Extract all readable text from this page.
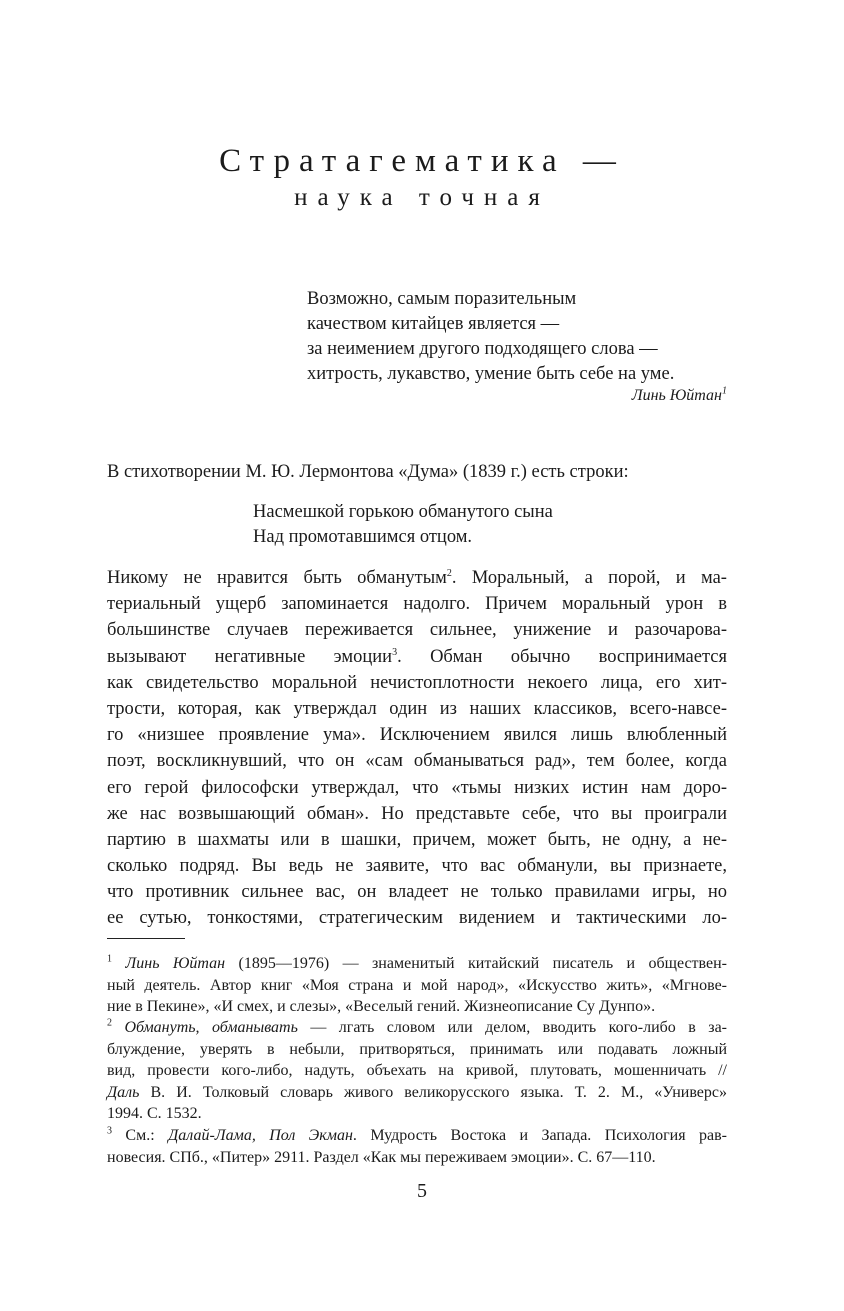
Стратагематика —
наука точная
Возможно, самым поразительным
качеством китайцев является —
за неимением другого подходящего слова —
хитрость, лукавство, умение быть себе на уме.
Линь Юйтан$^1$
В стихотворении М. Ю. Лермонтова «Дума» (1839 г.) есть строки:
Насмешкой горькою обманутого сына
Над промотавшимся отцом.
Никому не нравится быть обманутым$^2$. Моральный, а порой, и ма-
териальный ущерб запоминается надолго. Причем моральный урон в
большинстве случаев переживается сильнее, унижение и разочарова-
вызывают негативные эмоции$^3$. Обман обычно воспринимается
как свидетельство моральной нечистоплотности некоего лица, его хит-
трости, которая, как утверждал один из наших классиков, всего-навсе-
го «низшее проявление ума». Исключением явился лишь влюбленный
поэт, воскликнувший, что он «сам обманываться рад», тем более, когда
его герой философски утверждал, что «тьмы низких истин нам доро-
же нас возвышающий обман». Но представьте себе, что вы проиграли
партию в шахматы или в шашки, причем, может быть, не одну, а не-
сколько подряд. Вы ведь не заявите, что вас обманули, вы признаете,
что противник сильнее вас, он владеет не только правилами игры, но
ее сутью, тонкостями, стратегическим видением и тактическими ло-
$^1$ Линь Юйтан (1895—1976) — знаменитый китайский писатель и обществен-
ный деятель. Автор книг «Моя страна и мой народ», «Искусство жить», «Мгнове-
ние в Пекине», «И смех, и слезы», «Веселый гений. Жизнеописание Су Дунпо».
$^2$ Обмануть, обманывать — лгать словом или делом, вводить кого-либо в за-
блуждение, уверять в небыли, притворяться, принимать или подавать ложный
вид, провести кого-либо, надуть, объехать на кривой, плутовать, мошенничать //
Даль В. И. Толковый словарь живого великорусского языка. Т. 2. М., «Универс»
1994. С. 1532.
$^3$ См.: Далай-Лама, Пол Экман. Мудрость Востока и Запада. Психология рав-
новесия. СПб., «Питер» 2911. Раздел «Как мы переживаем эмоции». С. 67—110.
5
